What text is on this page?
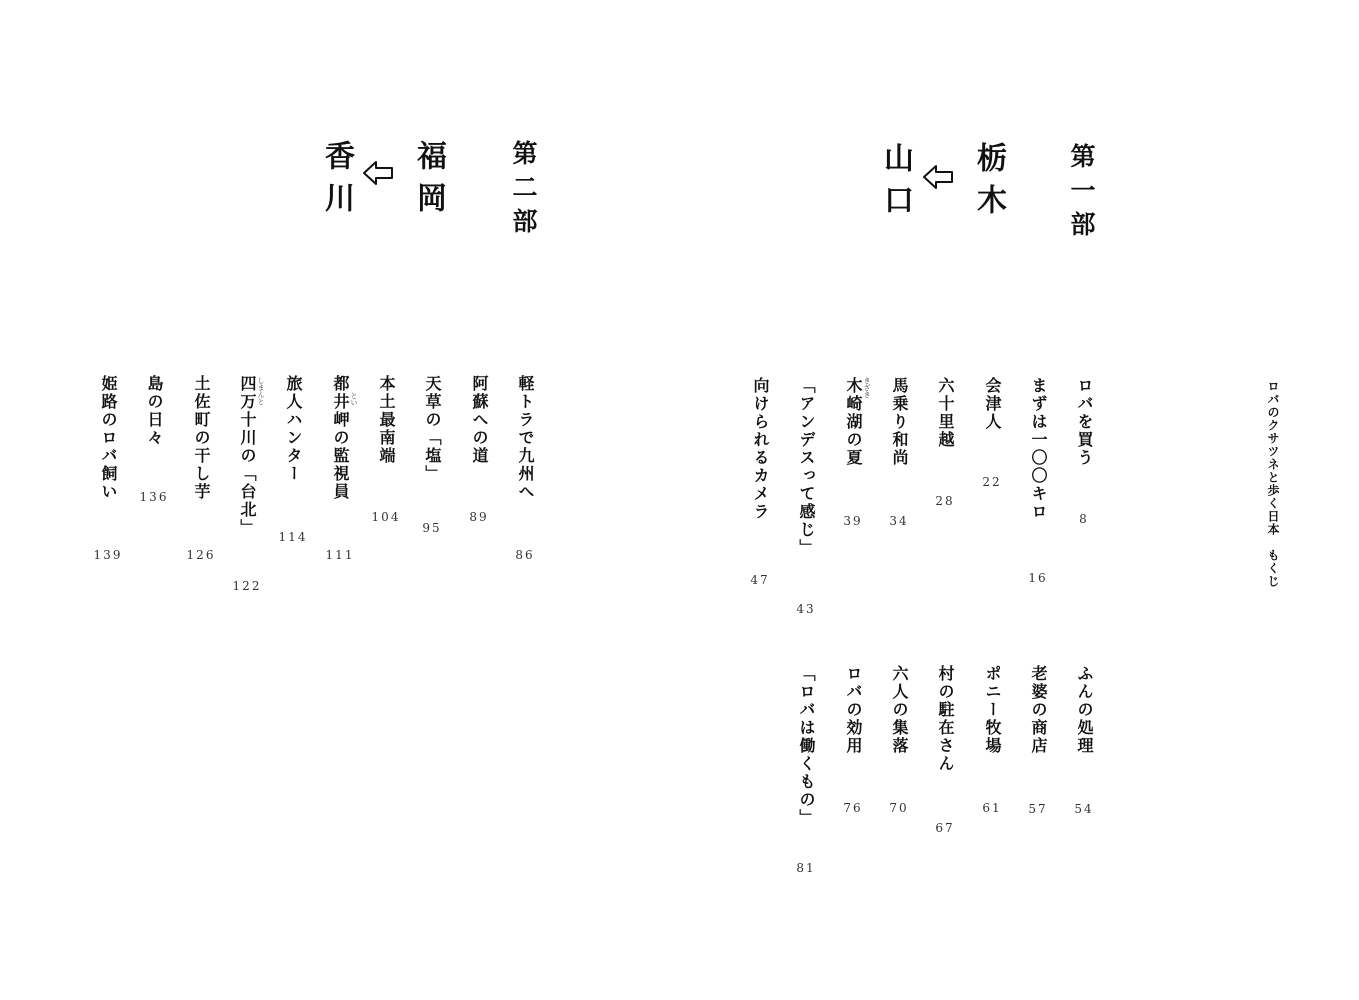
ロバのクサツネと歩く日本　もくじ
第一部
栃木
山口
第二部
福岡
香川
ロバを買う
8
まずは一〇〇キロ
16
会津人
22
六十里越
28
馬乗り和尚
34
木崎湖の夏 きざき
39
「アンデスって感じ」
43
向けられるカメラ
47
ふんの処理
54
老婆の商店
57
ポニー牧場
61
村の駐在さん
67
六人の集落
70
ロバの効用
76
「ロバは働くもの」
81
軽トラで九州へ
86
阿蘇への道
89
天草の「塩」
95
本土最南端
104
都井岬の監視員 とい
111
旅人ハンター
114
四万十川の「台北」 しまんと
122
土佐町の干し芋
126
島の日々
136
姫路のロバ飼い
139
